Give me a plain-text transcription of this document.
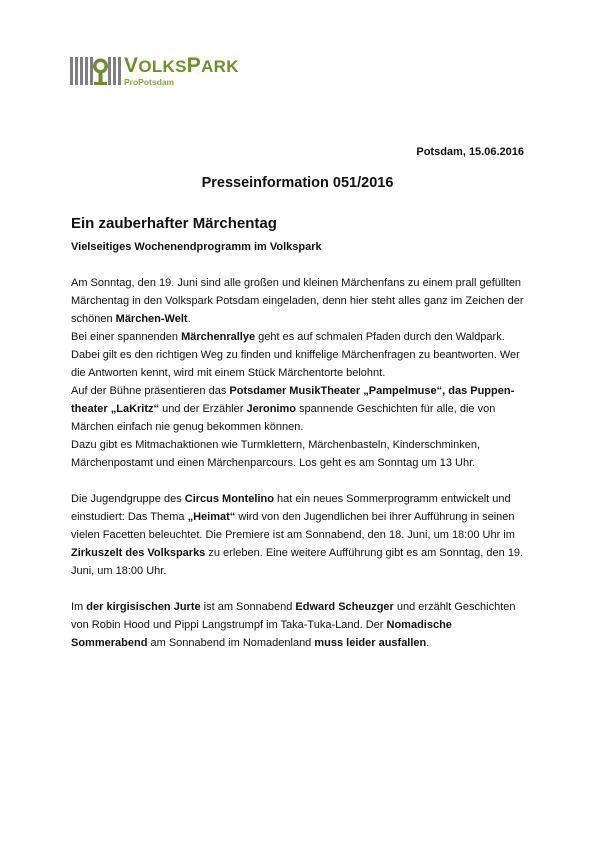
VOLKSPARK
ProPotsdam
Potsdam, 15.06.2016
Presseinformation 051/2016
Ein zauberhafter Märchentag
Vielseitiges Wochenendprogramm im Volkspark

Am Sonntag, den 19. Juni sind alle großen und kleinen Märchenfans zu einem prall gefüllten
Märchentag in den Volkspark Potsdam eingeladen, denn hier steht alles ganz im Zeichen der
schönen Märchen-Welt.
Bei einer spannenden Märchenrallye geht es auf schmalen Pfaden durch den Waldpark.
Dabei gilt es den richtigen Weg zu finden und kniffelige Märchenfragen zu beantworten. Wer
die Antworten kennt, wird mit einem Stück Märchentorte belohnt.
Auf der Bühne präsentieren das Potsdamer MusikTheater „Pampelmuse“, das Puppen-
theater „LaKritz“ und der Erzähler Jeronimo spannende Geschichten für alle, die von
Märchen einfach nie genug bekommen können.
Dazu gibt es Mitmachaktionen wie Turmklettern, Märchenbasteln, Kinderschminken,
Märchenpostamt und einen Märchenparcours. Los geht es am Sonntag um 13 Uhr.

Die Jugendgruppe des Circus Montelino hat ein neues Sommerprogramm entwickelt und
einstudiert: Das Thema „Heimat“ wird von den Jugendlichen bei ihrer Aufführung in seinen
vielen Facetten beleuchtet. Die Premiere ist am Sonnabend, den 18. Juni, um 18:00 Uhr im
Zirkuszelt des Volksparks zu erleben. Eine weitere Aufführung gibt es am Sonntag, den 19.
Juni, um 18:00 Uhr.

Im der kirgisischen Jurte ist am Sonnabend Edward Scheuzger und erzählt Geschichten
von Robin Hood und Pippi Langstrumpf im Taka-Tuka-Land. Der Nomadische
Sommerabend am Sonnabend im Nomadenland muss leider ausfallen.
